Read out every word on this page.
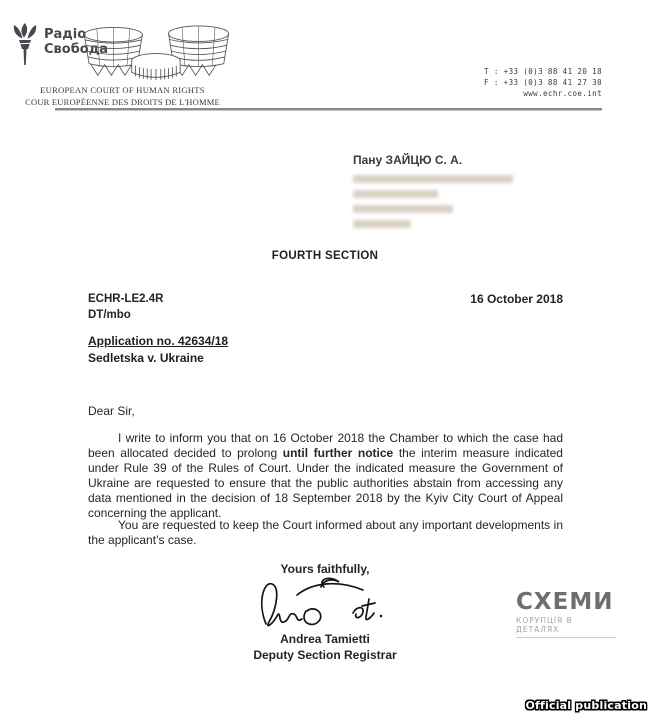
Радіо
Свобода
EUROPEAN COURT OF HUMAN RIGHTS
COUR EUROPÉENNE DES DROITS DE L'HOMME
T : +33 (0)3 88 41 20 18
F : +33 (0)3 88 41 27 30
www.echr.coe.int
Пану ЗАЙЦЮ С. А.
FOURTH SECTION
ECHR-LE2.4R
DT/mbo
16 October 2018
Application no. 42634/18
Sedletska v. Ukraine
Dear Sir,
I write to inform you that on 16 October 2018 the Chamber to which the case had been allocated decided to prolong until further notice the interim measure indicated under Rule 39 of the Rules of Court. Under the indicated measure the Government of Ukraine are requested to ensure that the public authorities abstain from accessing any data mentioned in the decision of 18 September 2018 by the Kyiv City Court of Appeal concerning the applicant.
You are requested to keep the Court informed about any important developments in the applicant’s case.
Yours faithfully,
Andrea Tamietti
Deputy Section Registrar
СХЕМИ
КОРУПЦІЯ В ДЕТАЛЯХ
Official publication
